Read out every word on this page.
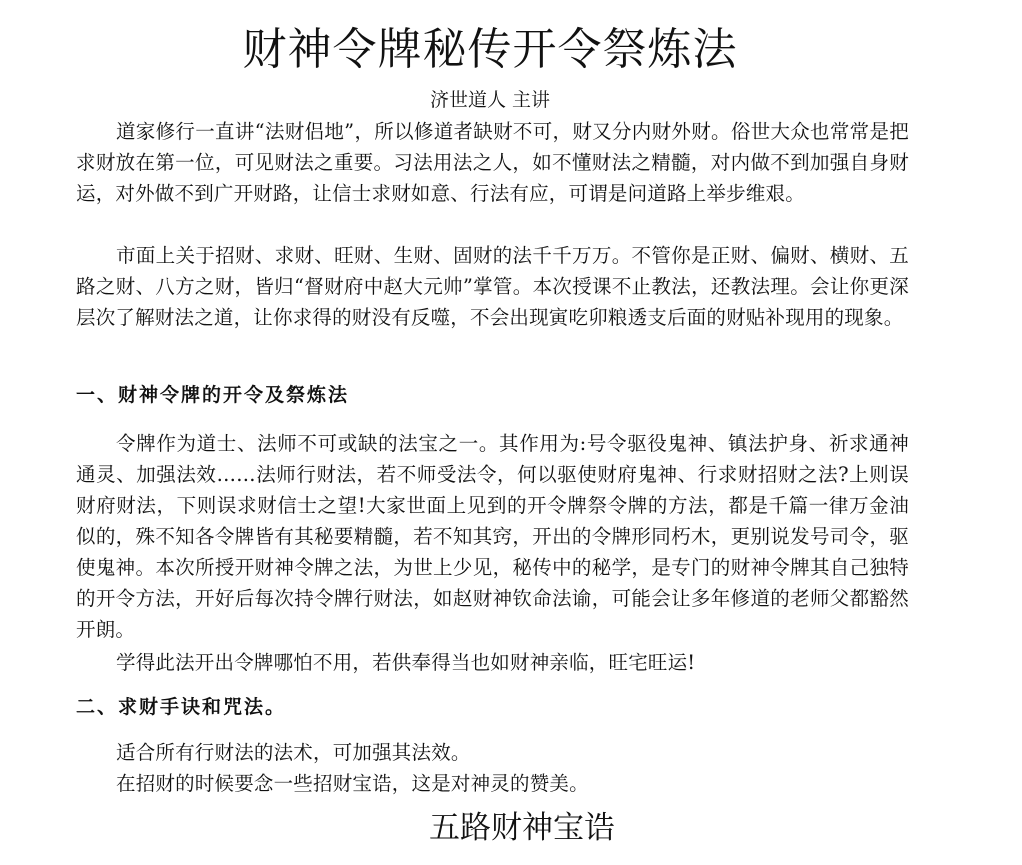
财神令牌秘传开令祭炼法
济世道人 主讲

道家修行一直讲“法财侣地”，所以修道者缺财不可，财又分内财外财。俗世大众也常常是把求财放在第一位，可见财法之重要。习法用法之人，如不懂财法之精髓，对内做不到加强自身财运，对外做不到广开财路，让信士求财如意、行法有应，可谓是问道路上举步维艰。

市面上关于招财、求财、旺财、生财、固财的法千千万万。不管你是正财、偏财、横财、五路之财、八方之财，皆归“督财府中赵大元帅”掌管。本次授课不止教法，还教法理。会让你更深层次了解财法之道，让你求得的财没有反噬，不会出现寅吃卯粮透支后面的财贴补现用的现象。

一、财神令牌的开令及祭炼法

令牌作为道士、法师不可或缺的法宝之一。其作用为:号令驱役鬼神、镇法护身、祈求通神通灵、加强法效……法师行财法，若不师受法令，何以驱使财府鬼神、行求财招财之法?上则误财府财法，下则误求财信士之望!大家世面上见到的开令牌祭令牌的方法，都是千篇一律万金油似的，殊不知各令牌皆有其秘要精髓，若不知其窍，开出的令牌形同朽木，更别说发号司令，驱使鬼神。本次所授开财神令牌之法，为世上少见，秘传中的秘学，是专门的财神令牌其自己独特的开令方法，开好后每次持令牌行财法，如赵财神钦命法谕，可能会让多年修道的老师父都豁然开朗。

学得此法开出令牌哪怕不用，若供奉得当也如财神亲临，旺宅旺运!

二、求财手诀和咒法。

适合所有行财法的法术，可加强其法效。

在招财的时候要念一些招财宝诰，这是对神灵的赞美。

五路财神宝诰
